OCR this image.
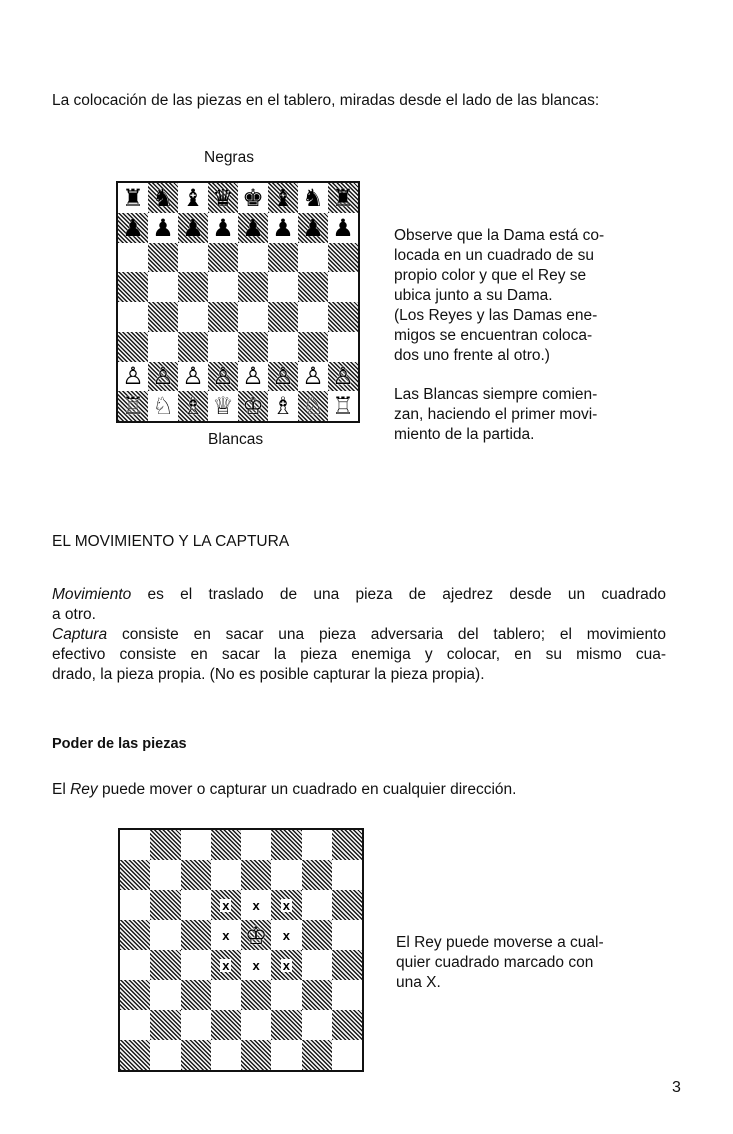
La colocación de las piezas en el tablero, miradas desde el lado de las blancas:
Negras
♜ ♞ ♝ ♛ ♚ ♝ ♞ ♜
♟ ♟ ♟ ♟ ♟ ♟ ♟ ♟
♙ ♙ ♙ ♙ ♙ ♙ ♙ ♙
♖ ♘ ♗ ♕ ♔ ♗ ♘ ♖
Blancas
Observe que la Dama está co-
locada en un cuadrado de su
propio color y que el Rey se
ubica junto a su Dama.
(Los Reyes y las Damas ene-
migos se encuentran coloca-
dos uno frente al otro.)
Las Blancas siempre comien-
zan, haciendo el primer movi-
miento de la partida.
EL MOVIMIENTO Y LA CAPTURA
Movimiento es el traslado de una pieza de ajedrez desde un cuadrado
a otro.
Captura consiste en sacar una pieza adversaria del tablero; el movimiento
efectivo consiste en sacar la pieza enemiga y colocar, en su mismo cua-
drado, la pieza propia. (No es posible capturar la pieza propia).
Poder de las piezas
El Rey puede mover o capturar un cuadrado en cualquier dirección.
x x x
x ♔ x
x x x
El Rey puede moverse a cual-
quier cuadrado marcado con
una X.
3
